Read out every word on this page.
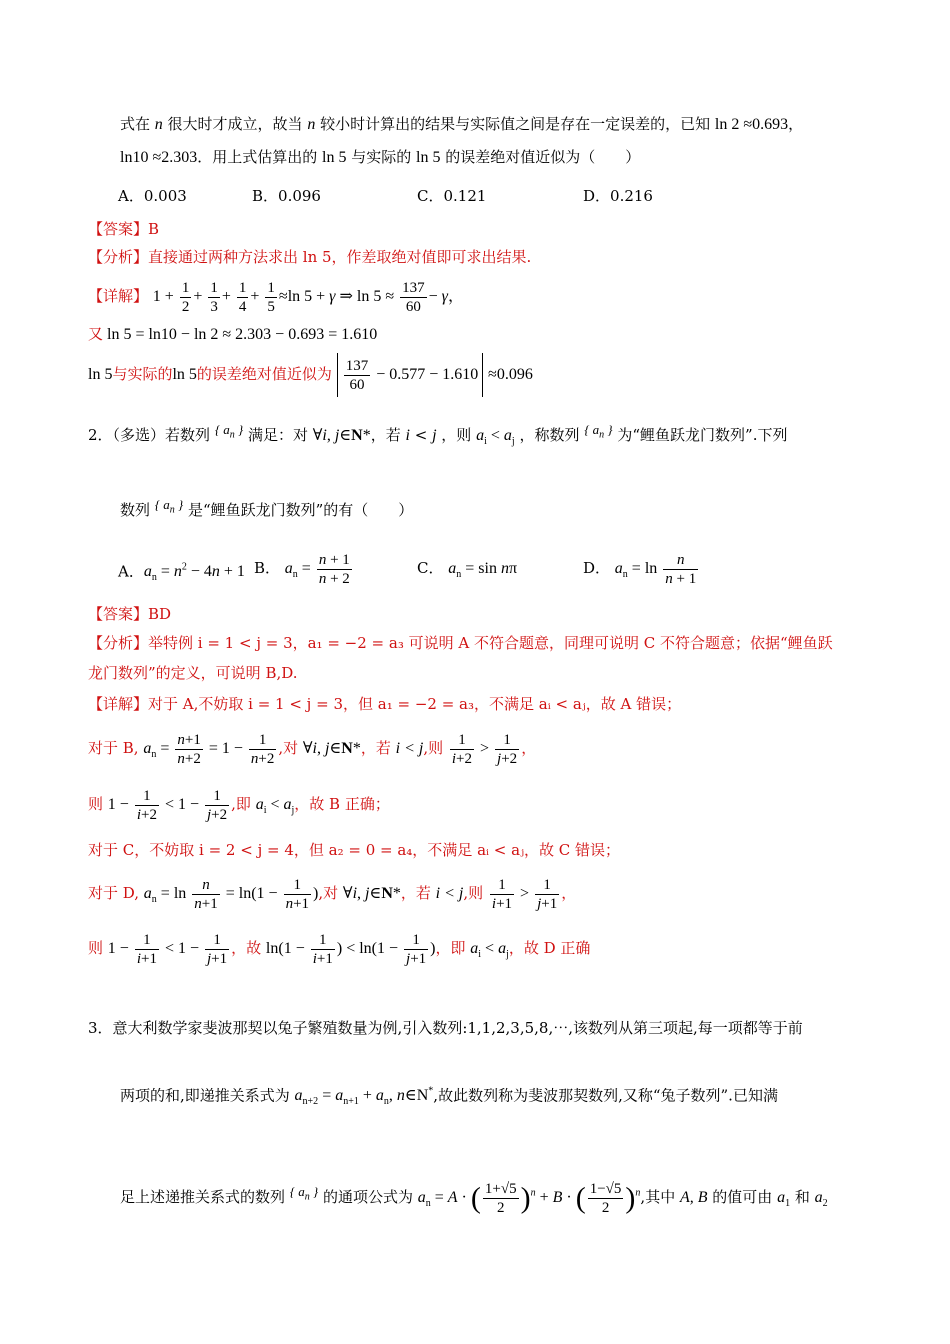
式在 n 很大时才成立，故当 n 较小时计算出的结果与实际值之间是存在一定误差的，已知 ln 2 ≈0.693，
ln10 ≈2.303．用上式估算出的 ln 5 与实际的 ln 5 的误差绝对值近似为（　　）
A．0.003	B．0.096	C．0.121	D．0.216
【答案】B
【分析】直接通过两种方法求出 ln 5，作差取绝对值即可求出结果.
【详解】 $1 + \frac{1}{2} + \frac{1}{3} + \frac{1}{4} + \frac{1}{5} \approx\ln$ 5 + γ ⇒ $\ln 5 \approx \frac{137}{60} - \gamma$，
又 ln 5 = ln10 − ln 2 ≈ 2.303 − 0.693 = 1.610
ln 5与实际的ln 5的误差绝对值近似为 $\frac{137}{60} - 0.577 - 1.610 \approx 0.096$
2．（多选）若数列 { $a_n$ } 满足：对 ∀i, j∈N*，若 i < j ，则 $a_i < a_j$ ，称数列 { $a_n$ } 为“鲤鱼跃龙门数列”.下列
数列 { $a_n$ } 是“鲤鱼跃龙门数列”的有（　　）
A．$a_n = n^2 - 4n + 1$ B． $a_n = \frac{n + 1}{n + 2}$	C． $a_n = \sin n\pi$	D． $a_n = \ln \frac{n}{n + 1}$
【答案】BD
【分析】举特例 i = 1 < j = 3，a₁ = −2 = a₃ 可说明 A 不符合题意，同理可说明 C 不符合题意；依据“鲤鱼跃
龙门数列”的定义，可说明 B,D.
【详解】对于 A,不妨取 i = 1 < j = 3，但 a₁ = −2 = a₃，不满足 aᵢ < aⱼ，故 A 错误；
对于 B, $a_n = \frac{n+1}{n+2} = 1 - \frac{1}{n+2}$ ,对 ∀i, j∈N*，若 i < j,则 $\frac{1}{i+2} > \frac{1}{j+2}$ ，
则 $1 - \frac{1}{i+2} < 1 - \frac{1}{j+2}$ ,即 $a_i < a_j$，故 B 正确；
对于 C，不妨取 i = 2 < j = 4，但 a₂ = 0 = a₄，不满足 aᵢ < aⱼ，故 C 错误；
对于 D, $a_n = \ln \frac{n}{n+1} = \ln(1 - \frac{1}{n+1}$ ),对 ∀i, j∈N*，若 i < j,则 $\frac{1}{i+1} > \frac{1}{j+1}$ ，
则 $1 - \frac{1}{i+1} < 1 - \frac{1}{j+1}$ ，故 $\ln(1 - \frac{1}{i+1}$ ) < $\ln(1 - \frac{1}{j+1}$ )，即 $a_i < a_j$，故 D 正确
3．意大利数学家斐波那契以兔子繁殖数量为例,引入数列:1,1,2,3,5,8,⋯,该数列从第三项起,每一项都等于前
两项的和,即递推关系式为 $a_{n+2} = a_{n+1} + a_n$, n∈N*,故此数列称为斐波那契数列,又称“兔子数列”.已知满
足上述递推关系式的数列 { $a_n$ } 的通项公式为 $a_n = A$ · ( $\frac{1+√5}{2} )^n + B$ · ( $\frac{1-√5}{2} )^n$,其中 A, B 的值可由 $a_1$ 和 $a_2$
